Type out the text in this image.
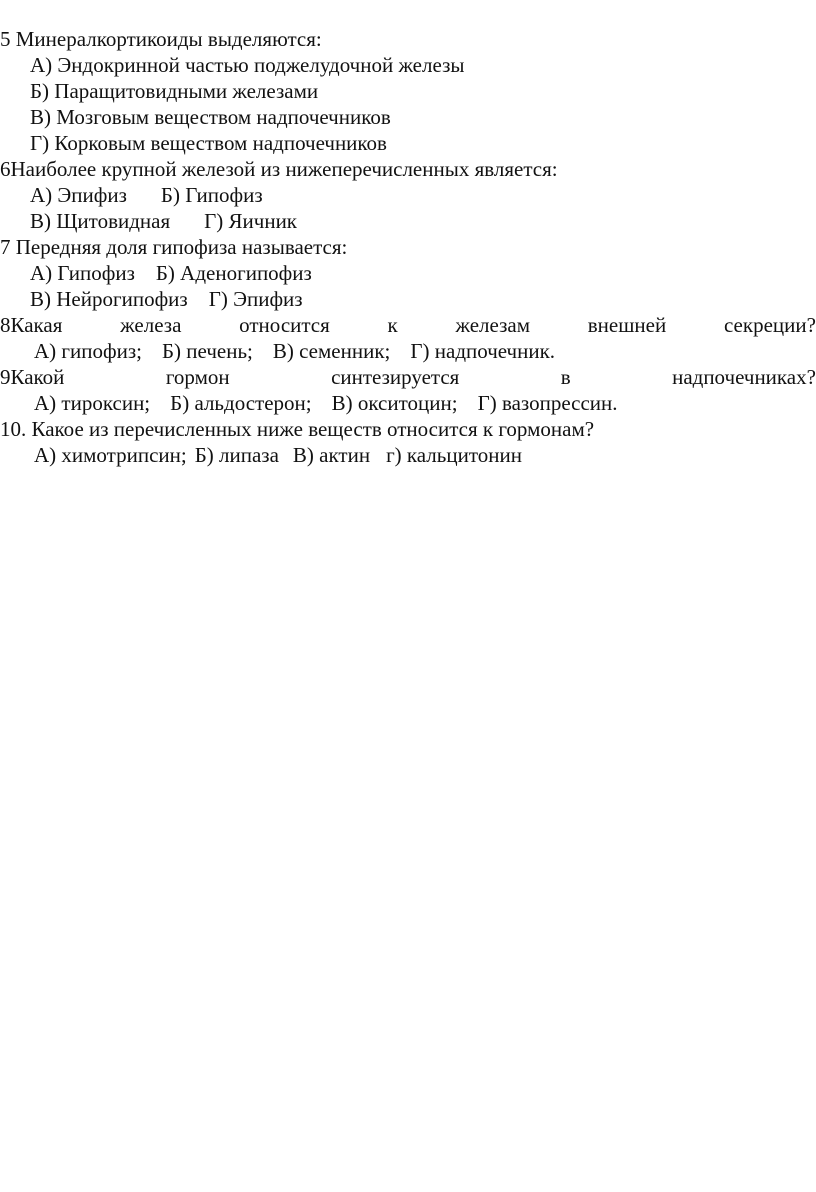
5 Минералкортикоиды выделяются:
А) Эндокринной частью поджелудочной железы
Б) Паращитовидными железами
В) Мозговым веществом надпочечников
Г) Корковым веществом надпочечников
6Наиболее крупной железой из нижеперечисленных является:
А) Эпифиз Б) Гипофиз
В) Щитовидная Г) Яичник
7 Передняя доля гипофиза называется:
А) Гипофиз Б) Аденогипофиз
В) Нейрогипофиз Г) Эпифиз
8Какая	железа	относится	к	железам	внешней	секреции?
А) гипофиз; Б) печень; В) семенник; Г) надпочечник.
9Какой	гормон	синтезируется	в	надпочечниках?
А) тироксин; Б) альдостерон; В) окситоцин; Г) вазопрессин.
10. Какое из перечисленных ниже веществ относится к гормонам?
А) химотрипсин; Б) липаза В) актин г) кальцитонин
